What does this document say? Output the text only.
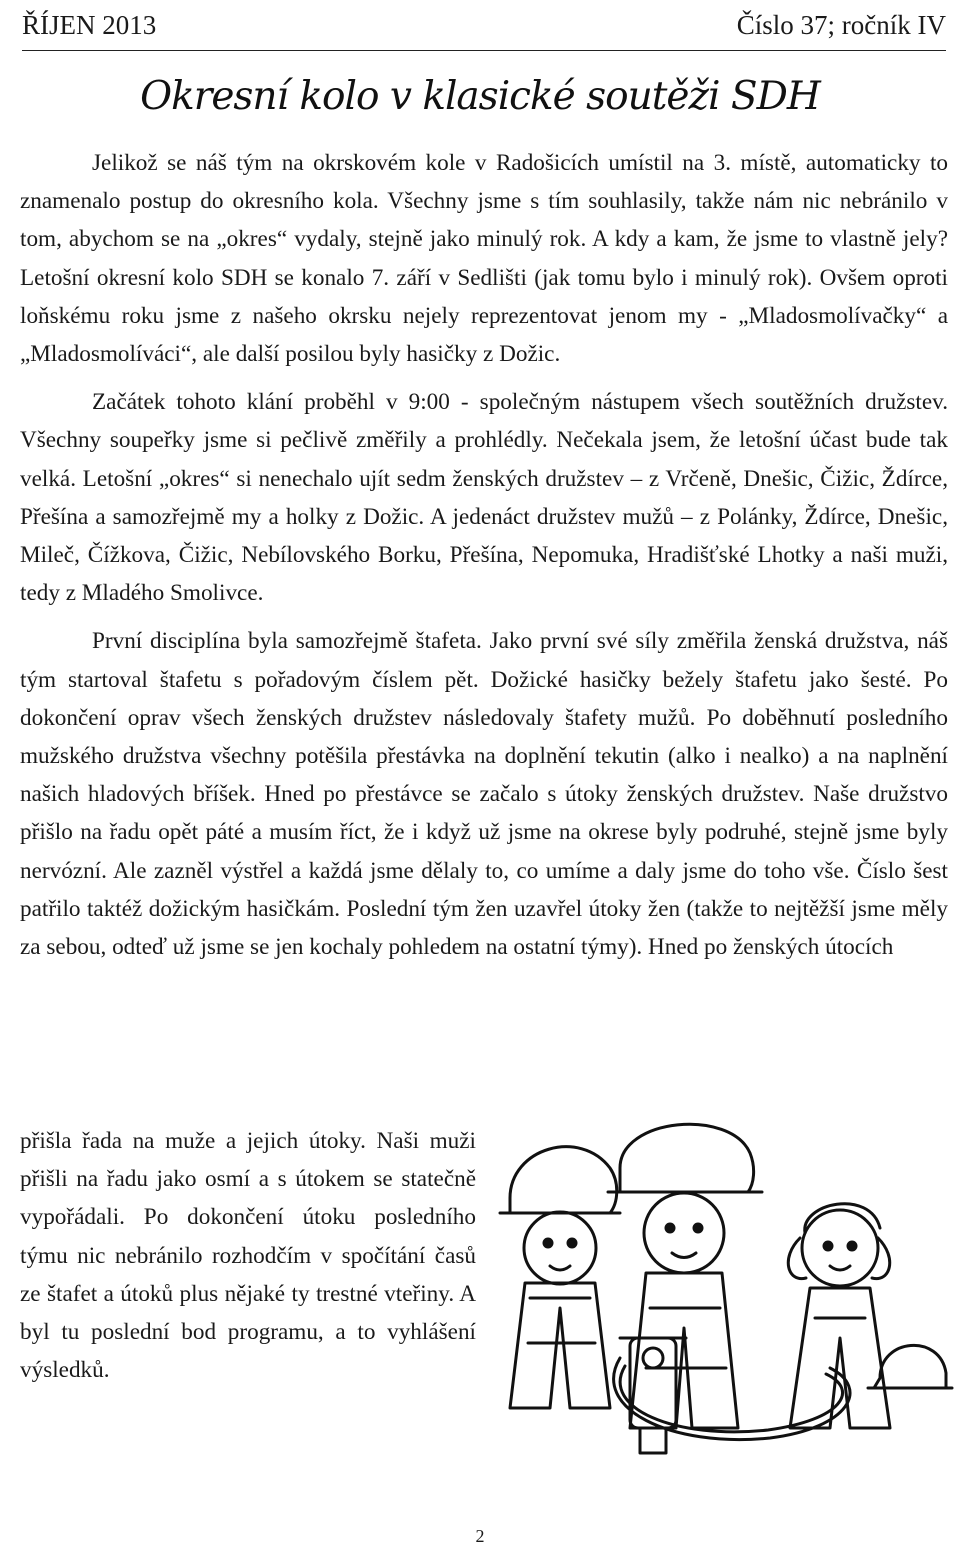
ŘÍJEN 2013	Číslo 37; ročník IV
Okresní kolo v klasické soutěži SDH

Jelikož se náš tým na okrskovém kole v Radošicích umístil na 3. místě, automaticky to znamenalo postup do okresního kola. Všechny jsme s tím souhlasily, takže nám nic nebránilo v tom, abychom se na „okres“ vydaly, stejně jako minulý rok. A kdy a kam, že jsme to vlastně jely? Letošní okresní kolo SDH se konalo 7. září v Sedlišti (jak tomu bylo i minulý rok). Ovšem oproti loňskému roku jsme z našeho okrsku nejely reprezentovat jenom my - „Mladosmolívačky“ a „Mladosmolíváci“, ale další posilou byly hasičky z Dožic.

Začátek tohoto klání proběhl v 9:00 - společným nástupem všech soutěžních družstev. Všechny soupeřky jsme si pečlivě změřily a prohlédly. Nečekala jsem, že letošní účast bude tak velká. Letošní „okres“ si nenechalo ujít sedm ženských družstev – z Vrčeně, Dnešic, Čižic, Ždírce, Přešína a samozřejmě my a holky z Dožic. A jedenáct družstev mužů – z Polánky, Ždírce, Dnešic, Mileč, Čížkova, Čižic, Nebílovského Borku, Přešína, Nepomuka, Hradišťské Lhotky a naši muži, tedy z Mladého Smolivce.

První disciplína byla samozřejmě štafeta. Jako první své síly změřila ženská družstva, náš tým startoval štafetu s pořadovým číslem pět. Dožické hasičky bežely štafetu jako šesté. Po dokončení oprav všech ženských družstev následovaly štafety mužů. Po doběhnutí posledního mužského družstva všechny potěšila přestávka na doplnění tekutin (alko i nealko) a na naplnění našich hladových bříšek. Hned po přestávce se začalo s útoky ženských družstev. Naše družstvo přišlo na řadu opět páté a musím říct, že i když už jsme na okrese byly podruhé, stejně jsme byly nervózní. Ale zazněl výstřel a každá jsme dělaly to, co umíme a daly jsme do toho vše. Číslo šest patřilo taktéž dožickým hasičkám. Poslední tým žen uzavřel útoky žen (takže to nejtěžší jsme měly za sebou, odteď už jsme se jen kochaly pohledem na ostatní týmy). Hned po ženských útocích

přišla řada na muže a jejich útoky. Naši muži přišli na řadu jako osmí a s útokem se statečně vypořádali. Po dokončení útoku posledního týmu nic nebránilo rozhodčím v spočítání časů ze štafet a útoků plus nějaké ty trestné vteřiny. A byl tu poslední bod programu, a to vyhlášení výsledků.

2
